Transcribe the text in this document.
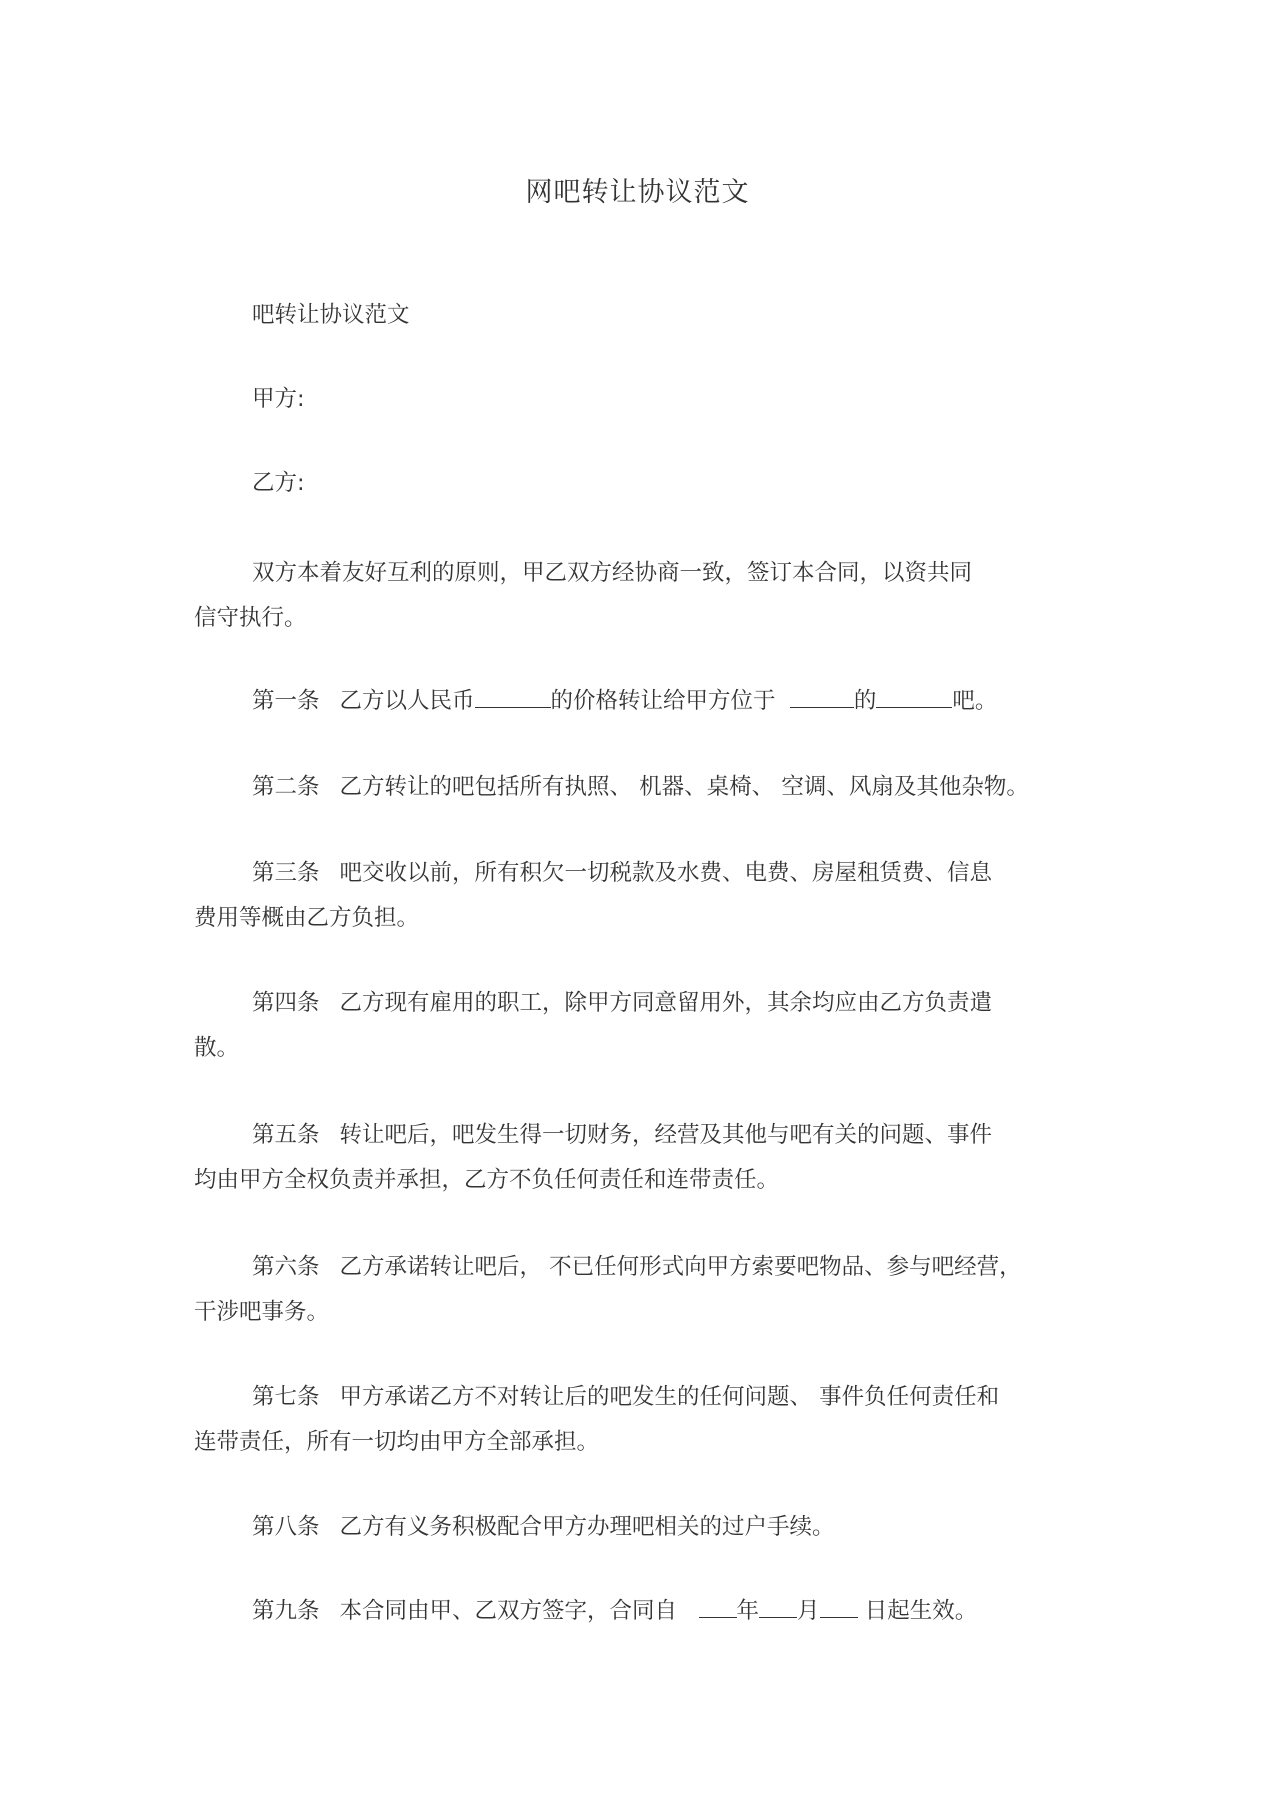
网吧转让协议范文
吧转让协议范文
甲方:
乙方:
双方本着友好互利的原则，甲乙双方经协商一致，签订本合同，以资共同
信守执行。
第一条 乙方以人民币	的价格转让给甲方位于	的	吧。
第二条 乙方转让的吧包括所有执照、 机器、桌椅、 空调、风扇及其他杂物。
第三条 吧交收以前，所有积欠一切税款及水费、电费、房屋租赁费、信息
费用等概由乙方负担。
第四条 乙方现有雇用的职工，除甲方同意留用外，其余均应由乙方负责遣
散。
第五条 转让吧后，吧发生得一切财务，经营及其他与吧有关的问题、事件
均由甲方全权负责并承担，乙方不负任何责任和连带责任。
第六条 乙方承诺转让吧后， 不已任何形式向甲方索要吧物品、参与吧经营，
干涉吧事务。
第七条 甲方承诺乙方不对转让后的吧发生的任何问题、 事件负任何责任和
连带责任，所有一切均由甲方全部承担。
第八条 乙方有义务积极配合甲方办理吧相关的过户手续。
第九条 本合同由甲、乙双方签字，合同自	年 月 日起生效。
